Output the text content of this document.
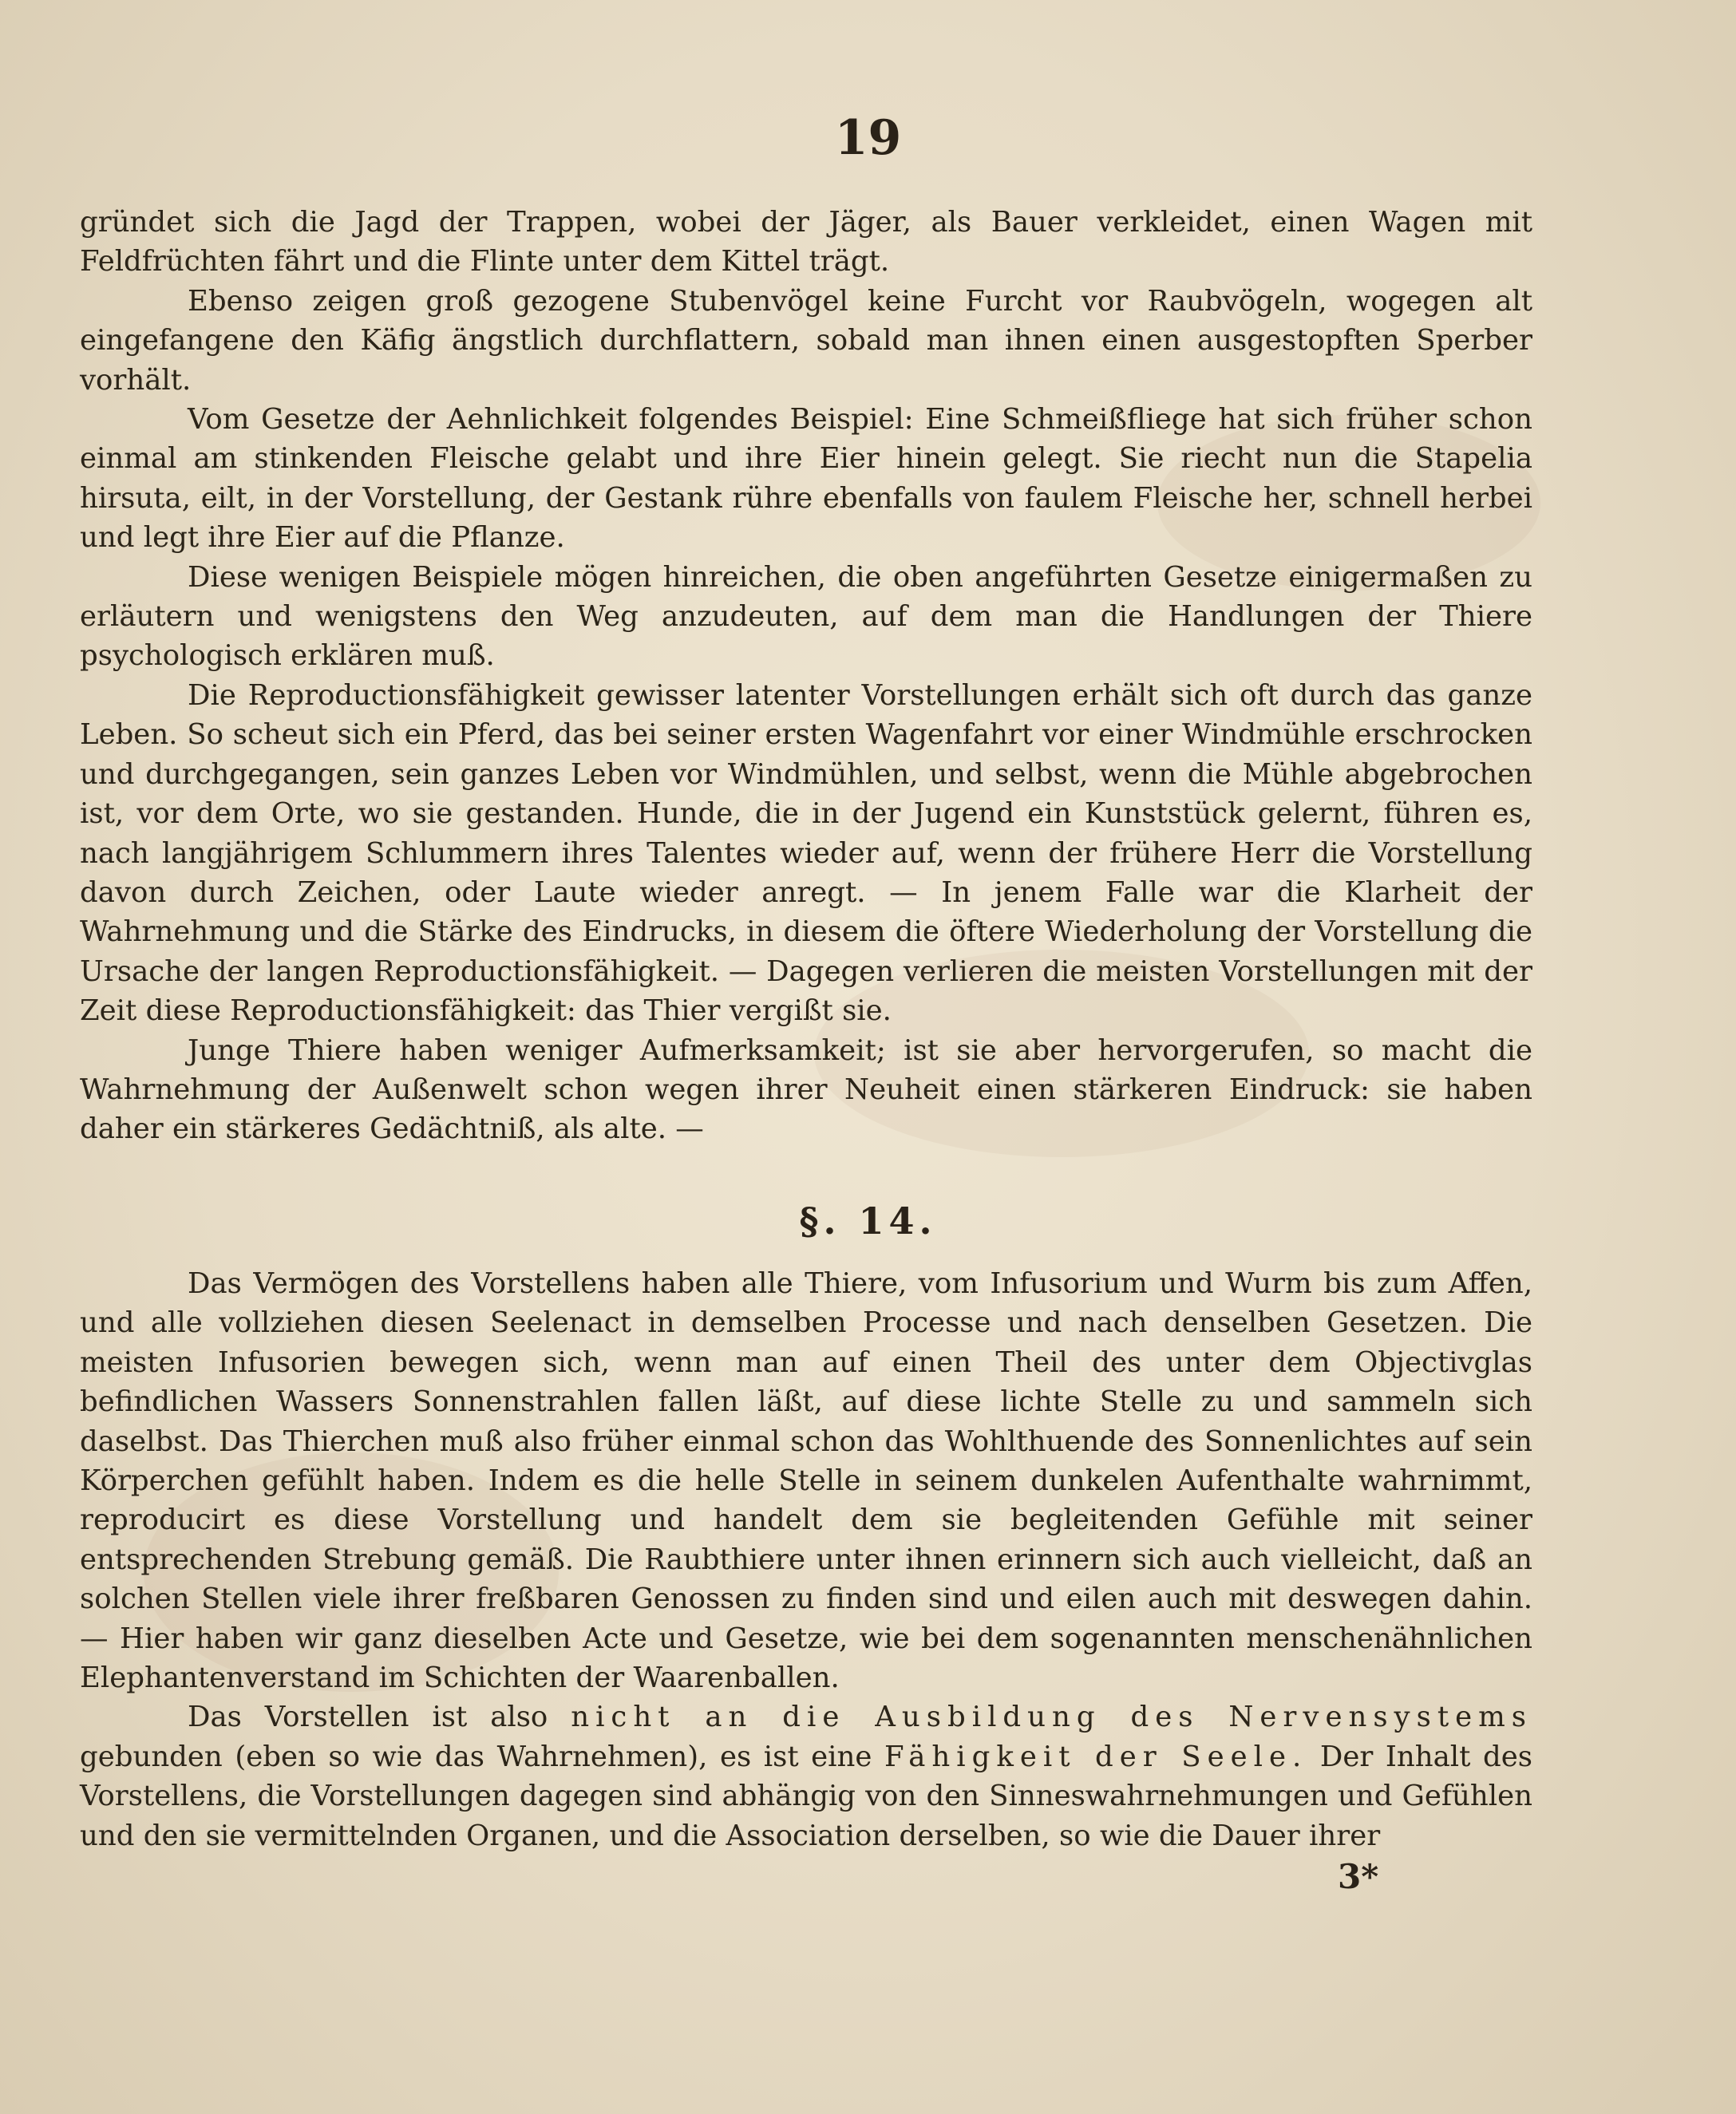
19

gründet sich die Jagd der Trappen, wobei der Jäger, als Bauer verkleidet, einen Wagen mit Feldfrüchten fährt und die Flinte unter dem Kittel trägt.

Ebenso zeigen groß gezogene Stubenvögel keine Furcht vor Raubvögeln, wogegen alt eingefangene den Käfig ängstlich durchflattern, sobald man ihnen einen ausgestopften Sperber vorhält.

Vom Gesetze der Aehnlichkeit folgendes Beispiel: Eine Schmeißfliege hat sich früher schon einmal am stinkenden Fleische gelabt und ihre Eier hinein gelegt. Sie riecht nun die Stapelia hirsuta, eilt, in der Vorstellung, der Gestank rühre ebenfalls von faulem Fleische her, schnell herbei und legt ihre Eier auf die Pflanze.

Diese wenigen Beispiele mögen hinreichen, die oben angeführten Gesetze einigermaßen zu erläutern und wenigstens den Weg anzudeuten, auf dem man die Handlungen der Thiere psychologisch erklären muß.

Die Reproductionsfähigkeit gewisser latenter Vorstellungen erhält sich oft durch das ganze Leben. So scheut sich ein Pferd, das bei seiner ersten Wagenfahrt vor einer Windmühle erschrocken und durchgegangen, sein ganzes Leben vor Windmühlen, und selbst, wenn die Mühle abgebrochen ist, vor dem Orte, wo sie gestanden. Hunde, die in der Jugend ein Kunststück gelernt, führen es, nach langjährigem Schlummern ihres Talentes wieder auf, wenn der frühere Herr die Vorstellung davon durch Zeichen, oder Laute wieder anregt. — In jenem Falle war die Klarheit der Wahrnehmung und die Stärke des Eindrucks, in diesem die öftere Wiederholung der Vorstellung die Ursache der langen Reproductionsfähigkeit. — Dagegen verlieren die meisten Vorstellungen mit der Zeit diese Reproductionsfähigkeit: das Thier vergißt sie.

Junge Thiere haben weniger Aufmerksamkeit; ist sie aber hervorgerufen, so macht die Wahrnehmung der Außenwelt schon wegen ihrer Neuheit einen stärkeren Eindruck: sie haben daher ein stärkeres Gedächtniß, als alte. —

§. 14.

Das Vermögen des Vorstellens haben alle Thiere, vom Infusorium und Wurm bis zum Affen, und alle vollziehen diesen Seelenact in demselben Processe und nach denselben Gesetzen. Die meisten Infusorien bewegen sich, wenn man auf einen Theil des unter dem Objectivglas befindlichen Wassers Sonnenstrahlen fallen läßt, auf diese lichte Stelle zu und sammeln sich daselbst. Das Thierchen muß also früher einmal schon das Wohlthuende des Sonnenlichtes auf sein Körperchen gefühlt haben. Indem es die helle Stelle in seinem dunkelen Aufenthalte wahrnimmt, reproducirt es diese Vorstellung und handelt dem sie begleitenden Gefühle mit seiner entsprechenden Strebung gemäß. Die Raubthiere unter ihnen erinnern sich auch vielleicht, daß an solchen Stellen viele ihrer freßbaren Genossen zu finden sind und eilen auch mit deswegen dahin. — Hier haben wir ganz dieselben Acte und Gesetze, wie bei dem sogenannten menschenähnlichen Elephantenverstand im Schichten der Waarenballen.

Das Vorstellen ist also nicht an die Ausbildung des Nervensystems gebunden (eben so wie das Wahrnehmen), es ist eine Fähigkeit der Seele. Der Inhalt des Vorstellens, die Vorstellungen dagegen sind abhängig von den Sinneswahrnehmungen und Gefühlen und den sie vermittelnden Organen, und die Association derselben, so wie die Dauer ihrer

3*
